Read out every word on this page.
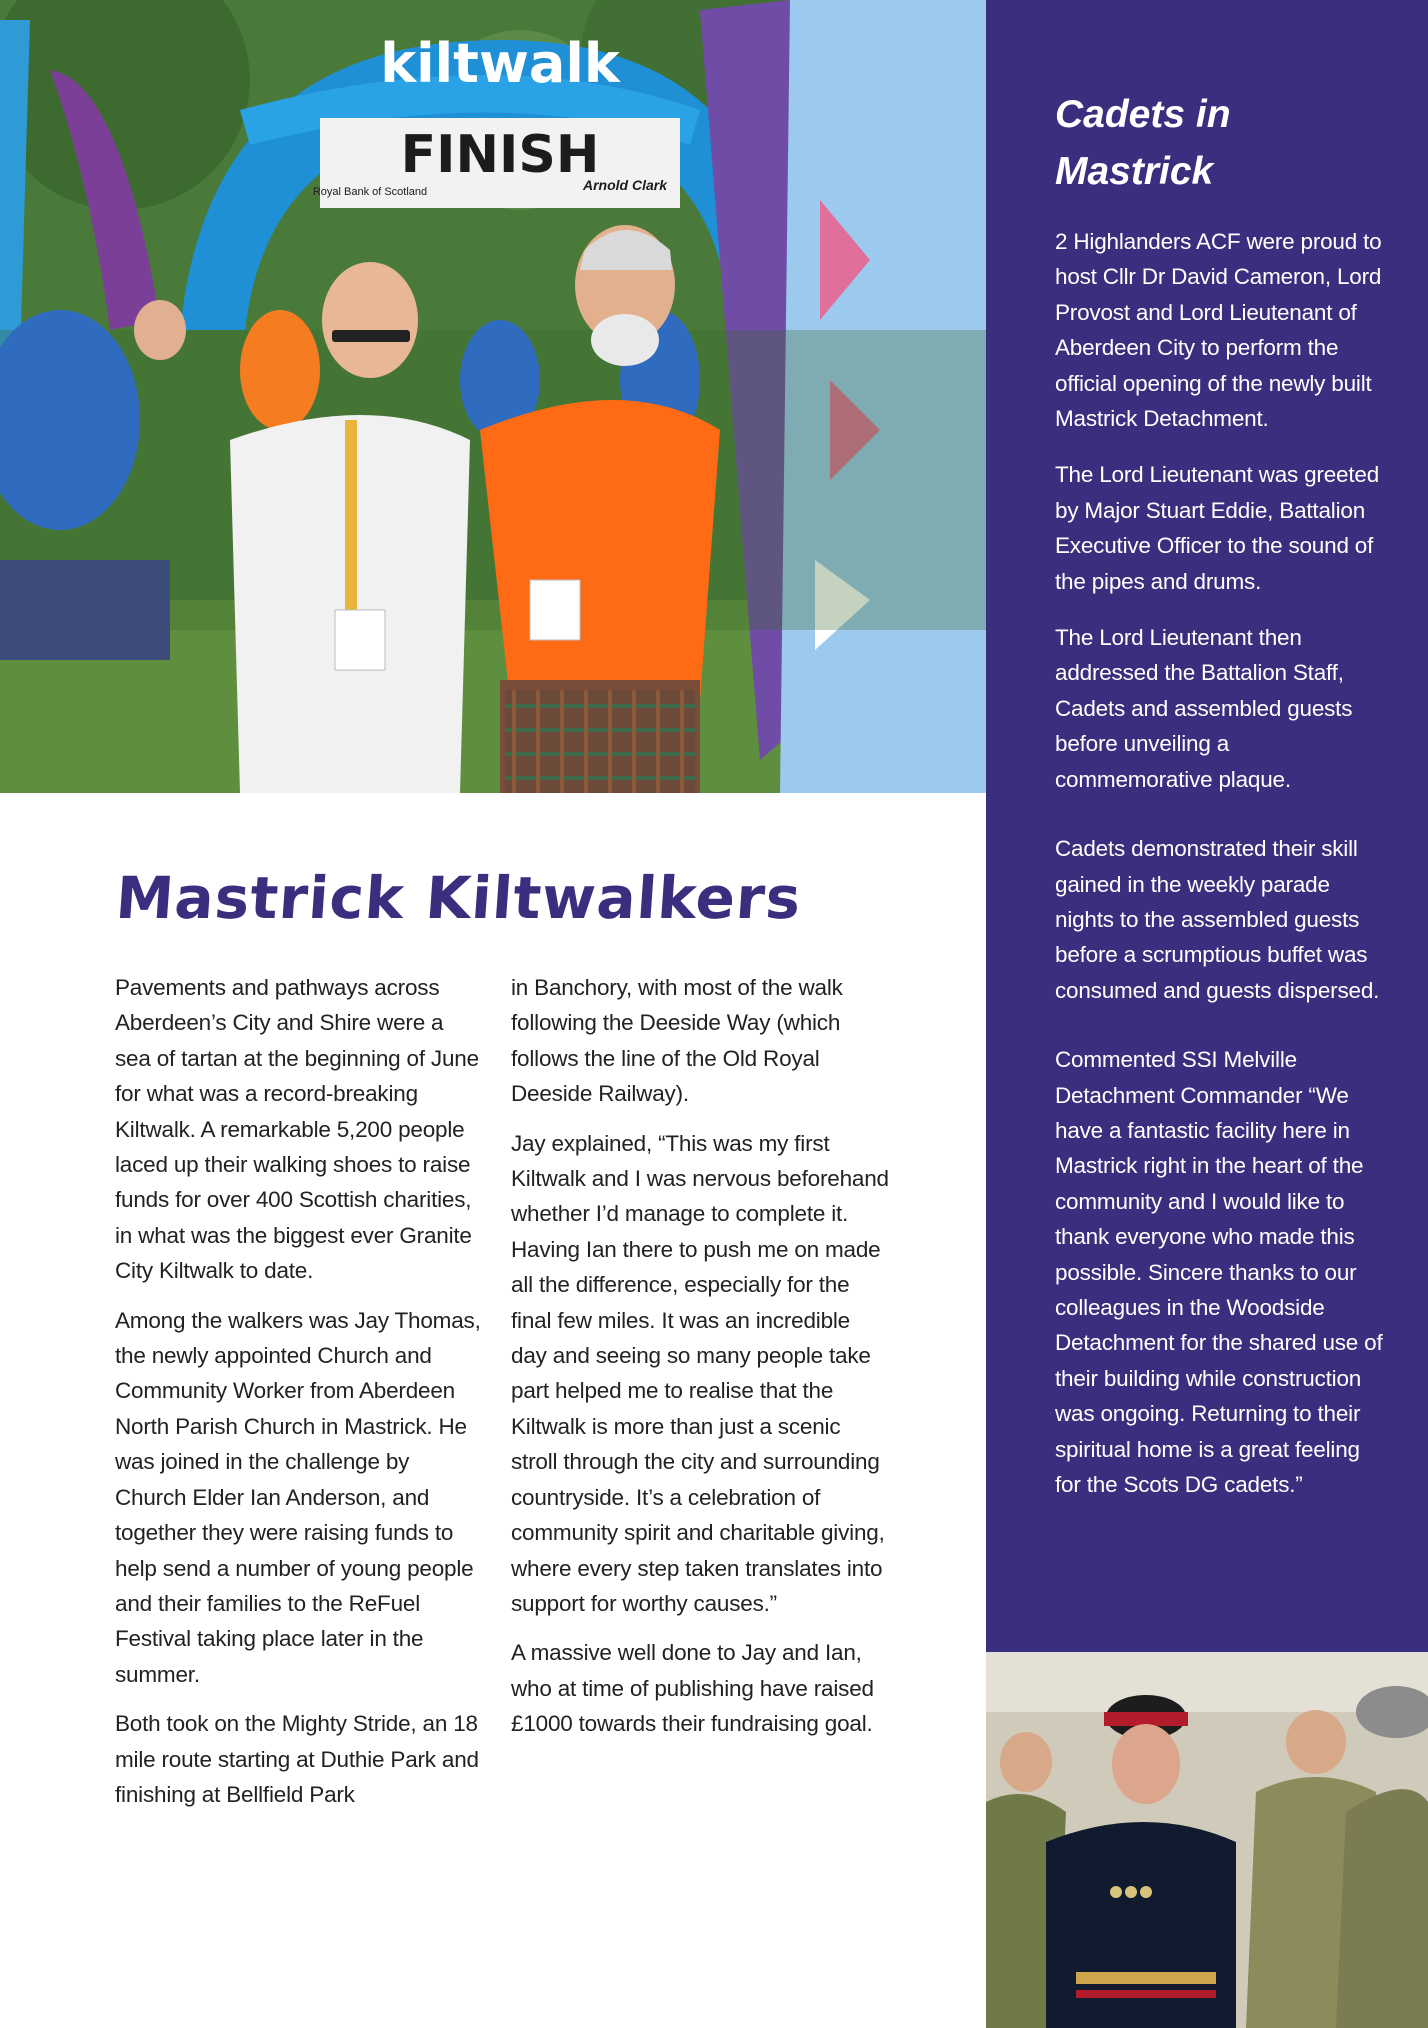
kiltwalk
FINISH
Royal Bank of Scotland	Arnold Clark
Cadets in Mastrick

2 Highlanders ACF were proud to host Cllr Dr David Cameron, Lord Provost and Lord Lieutenant of Aberdeen City to perform the official opening of the newly built Mastrick Detachment.

The Lord Lieutenant was greeted by Major Stuart Eddie, Battalion Executive Officer to the sound of the pipes and drums.

The Lord Lieutenant then addressed the Battalion Staff, Cadets and assembled guests before unveiling a commemorative plaque.

Cadets demonstrated their skill gained in the weekly parade nights to the assembled guests before a scrumptious buffet was consumed and guests dispersed.

Commented SSI Melville Detachment Commander “We have a fantastic facility here in Mastrick right in the heart of the community and I would like to thank everyone who made this possible. Sincere thanks to our colleagues in the Woodside Detachment for the shared use of their building while construction was ongoing. Returning to their spiritual home is a great feeling for the Scots DG cadets.”

Mastrick Kiltwalkers

Pavements and pathways across Aberdeen’s City and Shire were a sea of tartan at the beginning of June for what was a record-breaking Kiltwalk. A remarkable 5,200 people laced up their walking shoes to raise funds for over 400 Scottish charities, in what was the biggest ever Granite City Kiltwalk to date.

Among the walkers was Jay Thomas, the newly appointed Church and Community Worker from Aberdeen North Parish Church in Mastrick. He was joined in the challenge by Church Elder Ian Anderson, and together they were raising funds to help send a number of young people and their families to the ReFuel Festival taking place later in the summer.

Both took on the Mighty Stride, an 18 mile route starting at Duthie Park and finishing at Bellfield Park

in Banchory, with most of the walk following the Deeside Way (which follows the line of the Old Royal Deeside Railway).

Jay explained, “This was my first Kiltwalk and I was nervous beforehand whether I’d manage to complete it. Having Ian there to push me on made all the difference, especially for the final few miles. It was an incredible day and seeing so many people take part helped me to realise that the Kiltwalk is more than just a scenic stroll through the city and surrounding countryside. It’s a celebration of community spirit and charitable giving, where every step taken translates into support for worthy causes.”

A massive well done to Jay and Ian, who at time of publishing have raised £1000 towards their fundraising goal.
